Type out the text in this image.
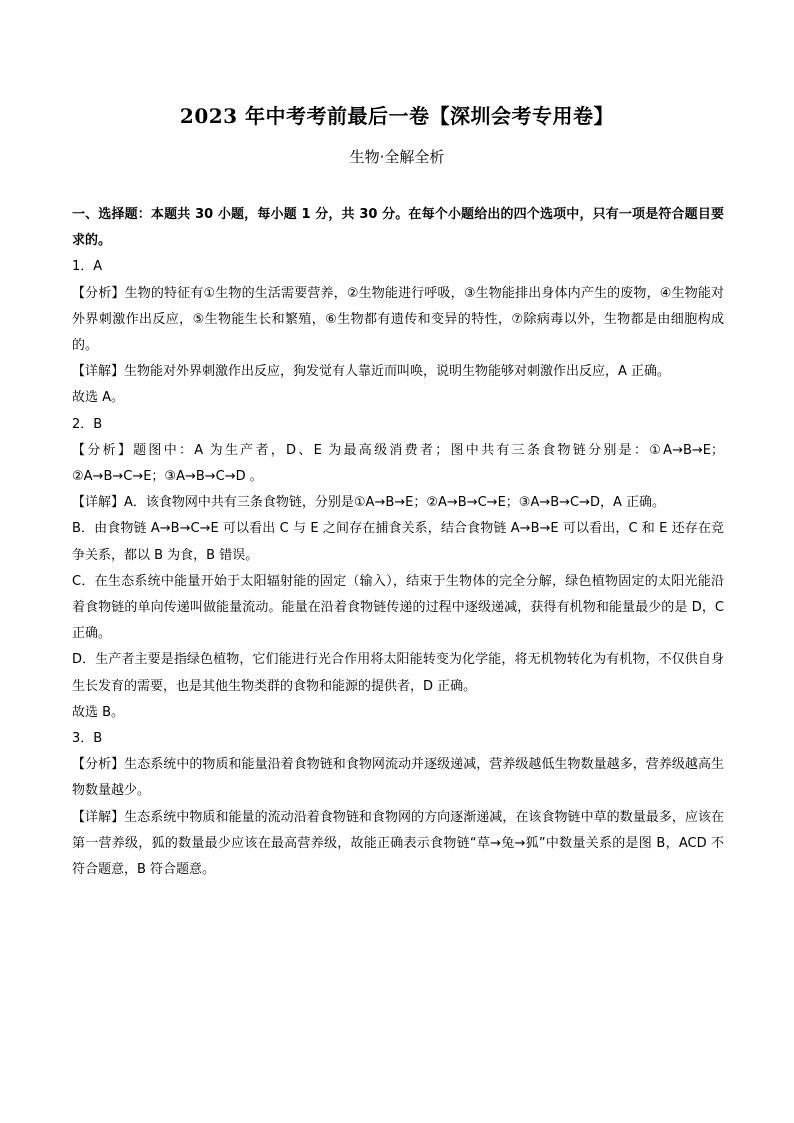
2023 年中考考前最后一卷【深圳会考专用卷】
生物·全解全析

一、选择题：本题共 30 小题，每小题 1 分，共 30 分。在每个小题给出的四个选项中，只有一项是符合题目要求的。

1．A

【分析】生物的特征有①生物的生活需要营养，②生物能进行呼吸，③生物能排出身体内产生的废物，④生物能对外界刺激作出反应，⑤生物能生长和繁殖，⑥生物都有遗传和变异的特性，⑦除病毒以外，生物都是由细胞构成的。

【详解】生物能对外界刺激作出反应，狗发觉有人靠近而叫唤，说明生物能够对刺激作出反应，A 正确。

故选 A。

2．B

【分析】题图中：A 为生产者，D、E 为最高级消费者；图中共有三条食物链分别是：①A→B→E；②A→B→C→E；③A→B→C→D 。

【详解】A．该食物网中共有三条食物链，分别是①A→B→E；②A→B→C→E；③A→B→C→D，A 正确。

B．由食物链 A→B→C→E 可以看出 C 与 E 之间存在捕食关系，结合食物链 A→B→E 可以看出，C 和 E 还存在竞争关系，都以 B 为食，B 错误。

C．在生态系统中能量开始于太阳辐射能的固定（输入），结束于生物体的完全分解，绿色植物固定的太阳光能沿着食物链的单向传递叫做能量流动。能量在沿着食物链传递的过程中逐级递减，获得有机物和能量最少的是 D，C 正确。

D．生产者主要是指绿色植物，它们能进行光合作用将太阳能转变为化学能，将无机物转化为有机物，不仅供自身生长发育的需要，也是其他生物类群的食物和能源的提供者，D 正确。

故选 B。

3．B

【分析】生态系统中的物质和能量沿着食物链和食物网流动并逐级递减，营养级越低生物数量越多，营养级越高生物数量越少。

【详解】生态系统中物质和能量的流动沿着食物链和食物网的方向逐渐递减，在该食物链中草的数量最多，应该在第一营养级，狐的数量最少应该在最高营养级，故能正确表示食物链“草→兔→狐”中数量关系的是图 B，ACD 不符合题意，B 符合题意。
